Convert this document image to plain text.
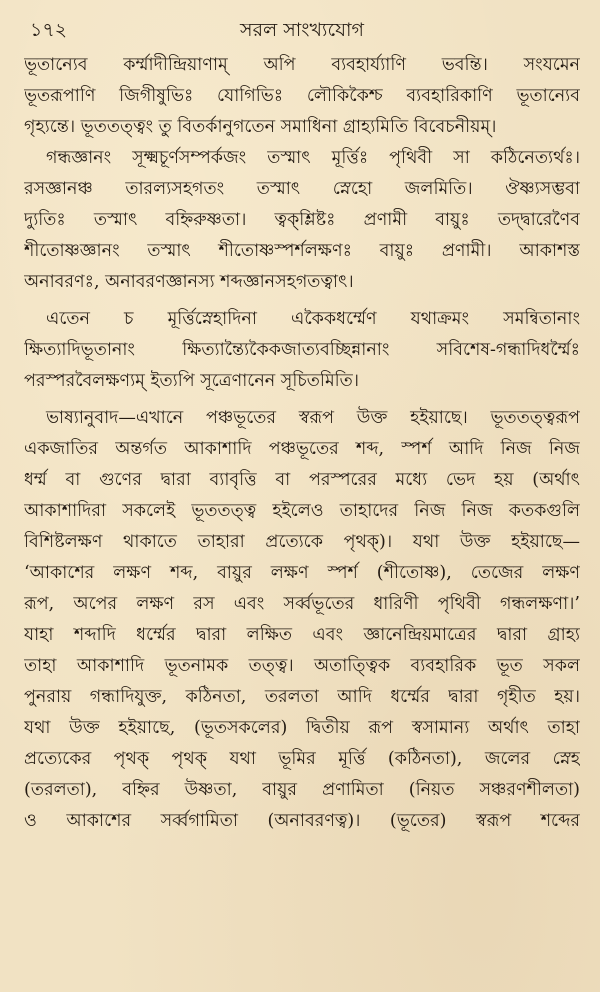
১৭২	সরল সাংখ্যযোগ
ভূতান্যেব কর্ম্মাদীন্দ্রিয়াণাম্‌ অপি ব্যবহার্য্যাণি ভবন্তি। সংযমেন
ভূতরূপাণি জিগীষুভিঃ যোগিভিঃ লৌকিকৈশ্চ ব্যবহারিকাণি ভূতান্যেব
গৃহ্যন্তে। ভূততত্ত্বং তু বিতর্কানুগতেন সমাধিনা গ্রাহ্যমিতি বিবেচনীয়ম্‌।
গন্ধজ্ঞানং সূক্ষ্মচূর্ণসম্পর্কজং তস্মাৎ মূর্ত্তিঃ পৃথিবী সা কঠিনেত্যর্থঃ।
রসজ্ঞানঞ্চ তারল্যসহগতং তস্মাৎ স্নেহো জলমিতি। ঔষ্ণ্যসম্ভবা
দ্যুতিঃ তস্মাৎ বহ্নিরুষ্ণতা। ত্বক্‌শ্লিষ্টঃ প্রণামী বায়ুঃ তদ্দ্বারেণৈব
শীতোষ্ণজ্ঞানং তস্মাৎ শীতোষ্ণস্পর্শলক্ষণঃ বায়ুঃ প্রণামী। আকাশস্ত
অনাবরণঃ, অনাবরণজ্ঞানস্য শব্দজ্ঞানসহগতত্বাৎ।
এতেন চ মূর্ত্তিস্নেহাদিনা একৈকধর্ম্মেণ যথাক্রমং সমন্বিতানাং
ক্ষিত্যাদিভূতানাং ক্ষিত্যান্ত্যৈকৈকজাত্যবচ্ছিন্নানাং সবিশেষ-গন্ধাদিধর্ম্মৈঃ
পরস্পরবৈলক্ষণ্যম্‌ ইত্যপি সূত্রেণানেন সূচিতমিতি।
ভাষ্যানুবাদ—এখানে পঞ্চভূতের স্বরূপ উক্ত হইয়াছে। ভূততত্ত্বরূপ
একজাতির অন্তর্গত আকাশাদি পঞ্চভূতের শব্দ, স্পর্শ আদি নিজ নিজ
ধর্ম্ম বা গুণের দ্বারা ব্যাবৃত্তি বা পরস্পরের মধ্যে ভেদ হয় (অর্থাৎ
আকাশাদিরা সকলেই ভূততত্ত্ব হইলেও তাহাদের নিজ নিজ কতকগুলি
বিশিষ্টলক্ষণ থাকাতে তাহারা প্রত্যেকে পৃথক্‌)। যথা উক্ত হইয়াছে—
‘আকাশের লক্ষণ শব্দ, বায়ুর লক্ষণ স্পর্শ (শীতোষ্ণ), তেজের লক্ষণ
রূপ, অপের লক্ষণ রস এবং সর্ব্বভূতের ধারিণী পৃথিবী গন্ধলক্ষণা।’
যাহা শব্দাদি ধর্ম্মের দ্বারা লক্ষিত এবং জ্ঞানেন্দ্রিয়মাত্রের দ্বারা গ্রাহ্য
তাহা আকাশাদি ভূতনামক তত্ত্ব। অতাত্ত্বিক ব্যবহারিক ভূত সকল
পুনরায় গন্ধাদিযুক্ত, কঠিনতা, তরলতা আদি ধর্ম্মের দ্বারা গৃহীত হয়।
যথা উক্ত হইয়াছে, (ভূতসকলের) দ্বিতীয় রূপ স্বসামান্য অর্থাৎ তাহা
প্রত্যেকের পৃথক্‌ পৃথক্‌ যথা ভূমির মূর্ত্তি (কঠিনতা), জলের স্নেহ
(তরলতা), বহ্নির উষ্ণতা, বায়ুর প্রণামিতা (নিয়ত সঞ্চরণশীলতা)
ও আকাশের সর্ব্বগামিতা (অনাবরণত্ব)। (ভূতের) স্বরূপ শব্দের
